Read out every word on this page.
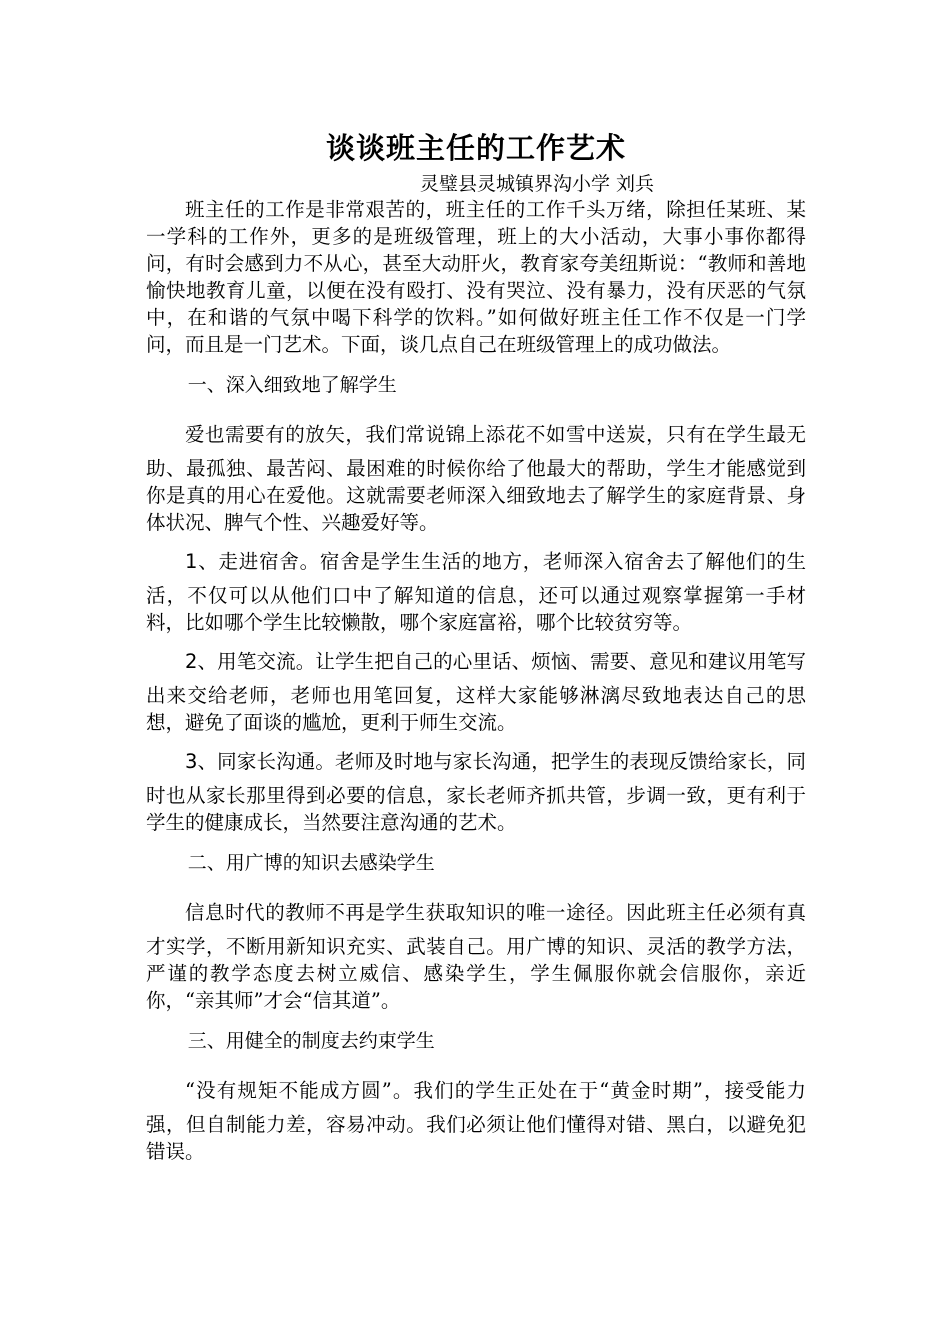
谈谈班主任的工作艺术
灵璧县灵城镇界沟小学 刘兵

班主任的工作是非常艰苦的，班主任的工作千头万绪，除担任某班、某一学科的工作外，更多的是班级管理，班上的大小活动，大事小事你都得问，有时会感到力不从心，甚至大动肝火，教育家夸美纽斯说：“教师和善地愉快地教育儿童，以便在没有殴打、没有哭泣、没有暴力，没有厌恶的气氛中，在和谐的气氛中喝下科学的饮料。”如何做好班主任工作不仅是一门学问，而且是一门艺术。下面，谈几点自己在班级管理上的成功做法。

一、深入细致地了解学生

爱也需要有的放矢，我们常说锦上添花不如雪中送炭，只有在学生最无助、最孤独、最苦闷、最困难的时候你给了他最大的帮助，学生才能感觉到你是真的用心在爱他。这就需要老师深入细致地去了解学生的家庭背景、身体状况、脾气个性、兴趣爱好等。

1、走进宿舍。宿舍是学生生活的地方，老师深入宿舍去了解他们的生活，不仅可以从他们口中了解知道的信息，还可以通过观察掌握第一手材料，比如哪个学生比较懒散，哪个家庭富裕，哪个比较贫穷等。

2、用笔交流。让学生把自己的心里话、烦恼、需要、意见和建议用笔写出来交给老师，老师也用笔回复，这样大家能够淋漓尽致地表达自己的思想，避免了面谈的尴尬，更利于师生交流。

3、同家长沟通。老师及时地与家长沟通，把学生的表现反馈给家长，同时也从家长那里得到必要的信息，家长老师齐抓共管，步调一致，更有利于学生的健康成长，当然要注意沟通的艺术。

二、用广博的知识去感染学生

信息时代的教师不再是学生获取知识的唯一途径。因此班主任必须有真才实学，不断用新知识充实、武装自己。用广博的知识、灵活的教学方法，严谨的教学态度去树立威信、感染学生，学生佩服你就会信服你，亲近你，“亲其师”才会“信其道”。

三、用健全的制度去约束学生

“没有规矩不能成方圆”。我们的学生正处在于“黄金时期”，接受能力强，但自制能力差，容易冲动。我们必须让他们懂得对错、黑白，以避免犯错误。
